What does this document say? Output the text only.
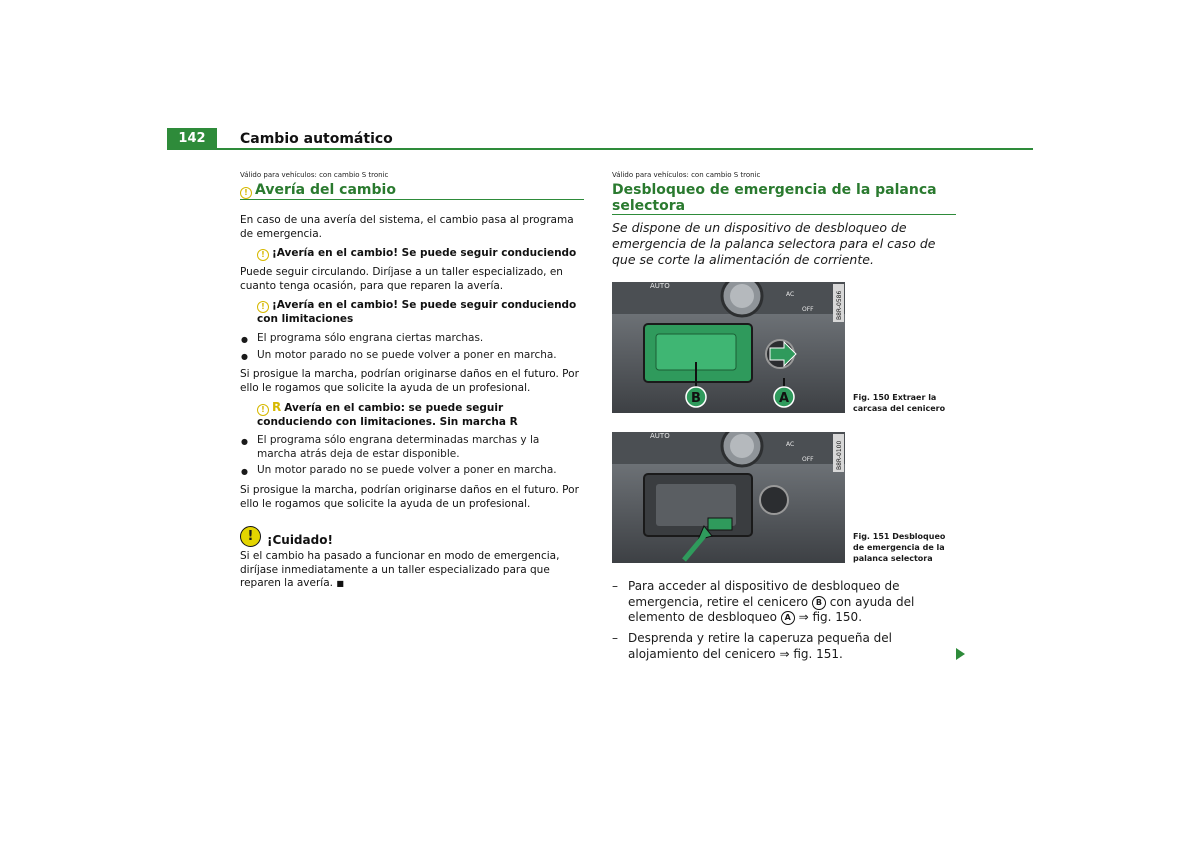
142	Cambio automático
Válido para vehículos: con cambio S tronic
! Avería del cambio
En caso de una avería del sistema, el cambio pasa al programa de emergencia.
! ¡Avería en el cambio! Se puede seguir conduciendo
Puede seguir circulando. Diríjase a un taller especializado, en cuanto tenga ocasión, para que reparen la avería.
! ¡Avería en el cambio! Se puede seguir conduciendo con limitaciones
● El programa sólo engrana ciertas marchas.
● Un motor parado no se puede volver a poner en marcha.
Si prosigue la marcha, podrían originarse daños en el futuro. Por ello le rogamos que solicite la ayuda de un profesional.
! R Avería en el cambio: se puede seguir conduciendo con limitaciones. Sin marcha R
● El programa sólo engrana determinadas marchas y la marcha atrás deja de estar disponible.
● Un motor parado no se puede volver a poner en marcha.
Si prosigue la marcha, podrían originarse daños en el futuro. Por ello le rogamos que solicite la ayuda de un profesional.
!	¡Cuidado!
Si el cambio ha pasado a funcionar en modo de emergencia, diríjase inmediatamente a un taller especializado para que reparen la avería. ■
Válido para vehículos: con cambio S tronic
Desbloqueo de emergencia de la palanca selectora
Se dispone de un dispositivo de desbloqueo de emergencia de la palanca selectora para el caso de que se corte la alimentación de corriente.
AUTO
AC
OFF
B	A
B8R-0586
Fig. 150 Extraer la carcasa del cenicero
AUTO
AC
OFF	B8R-0100
Fig. 151 Desbloqueo de emergencia de la palanca selectora
– Para acceder al dispositivo de desbloqueo de emergencia, retire el cenicero B con ayuda del elemento de desbloqueo A ⇒ fig. 150.
– Desprenda y retire la caperuza pequeña del alojamiento del cenicero ⇒ fig. 151.
